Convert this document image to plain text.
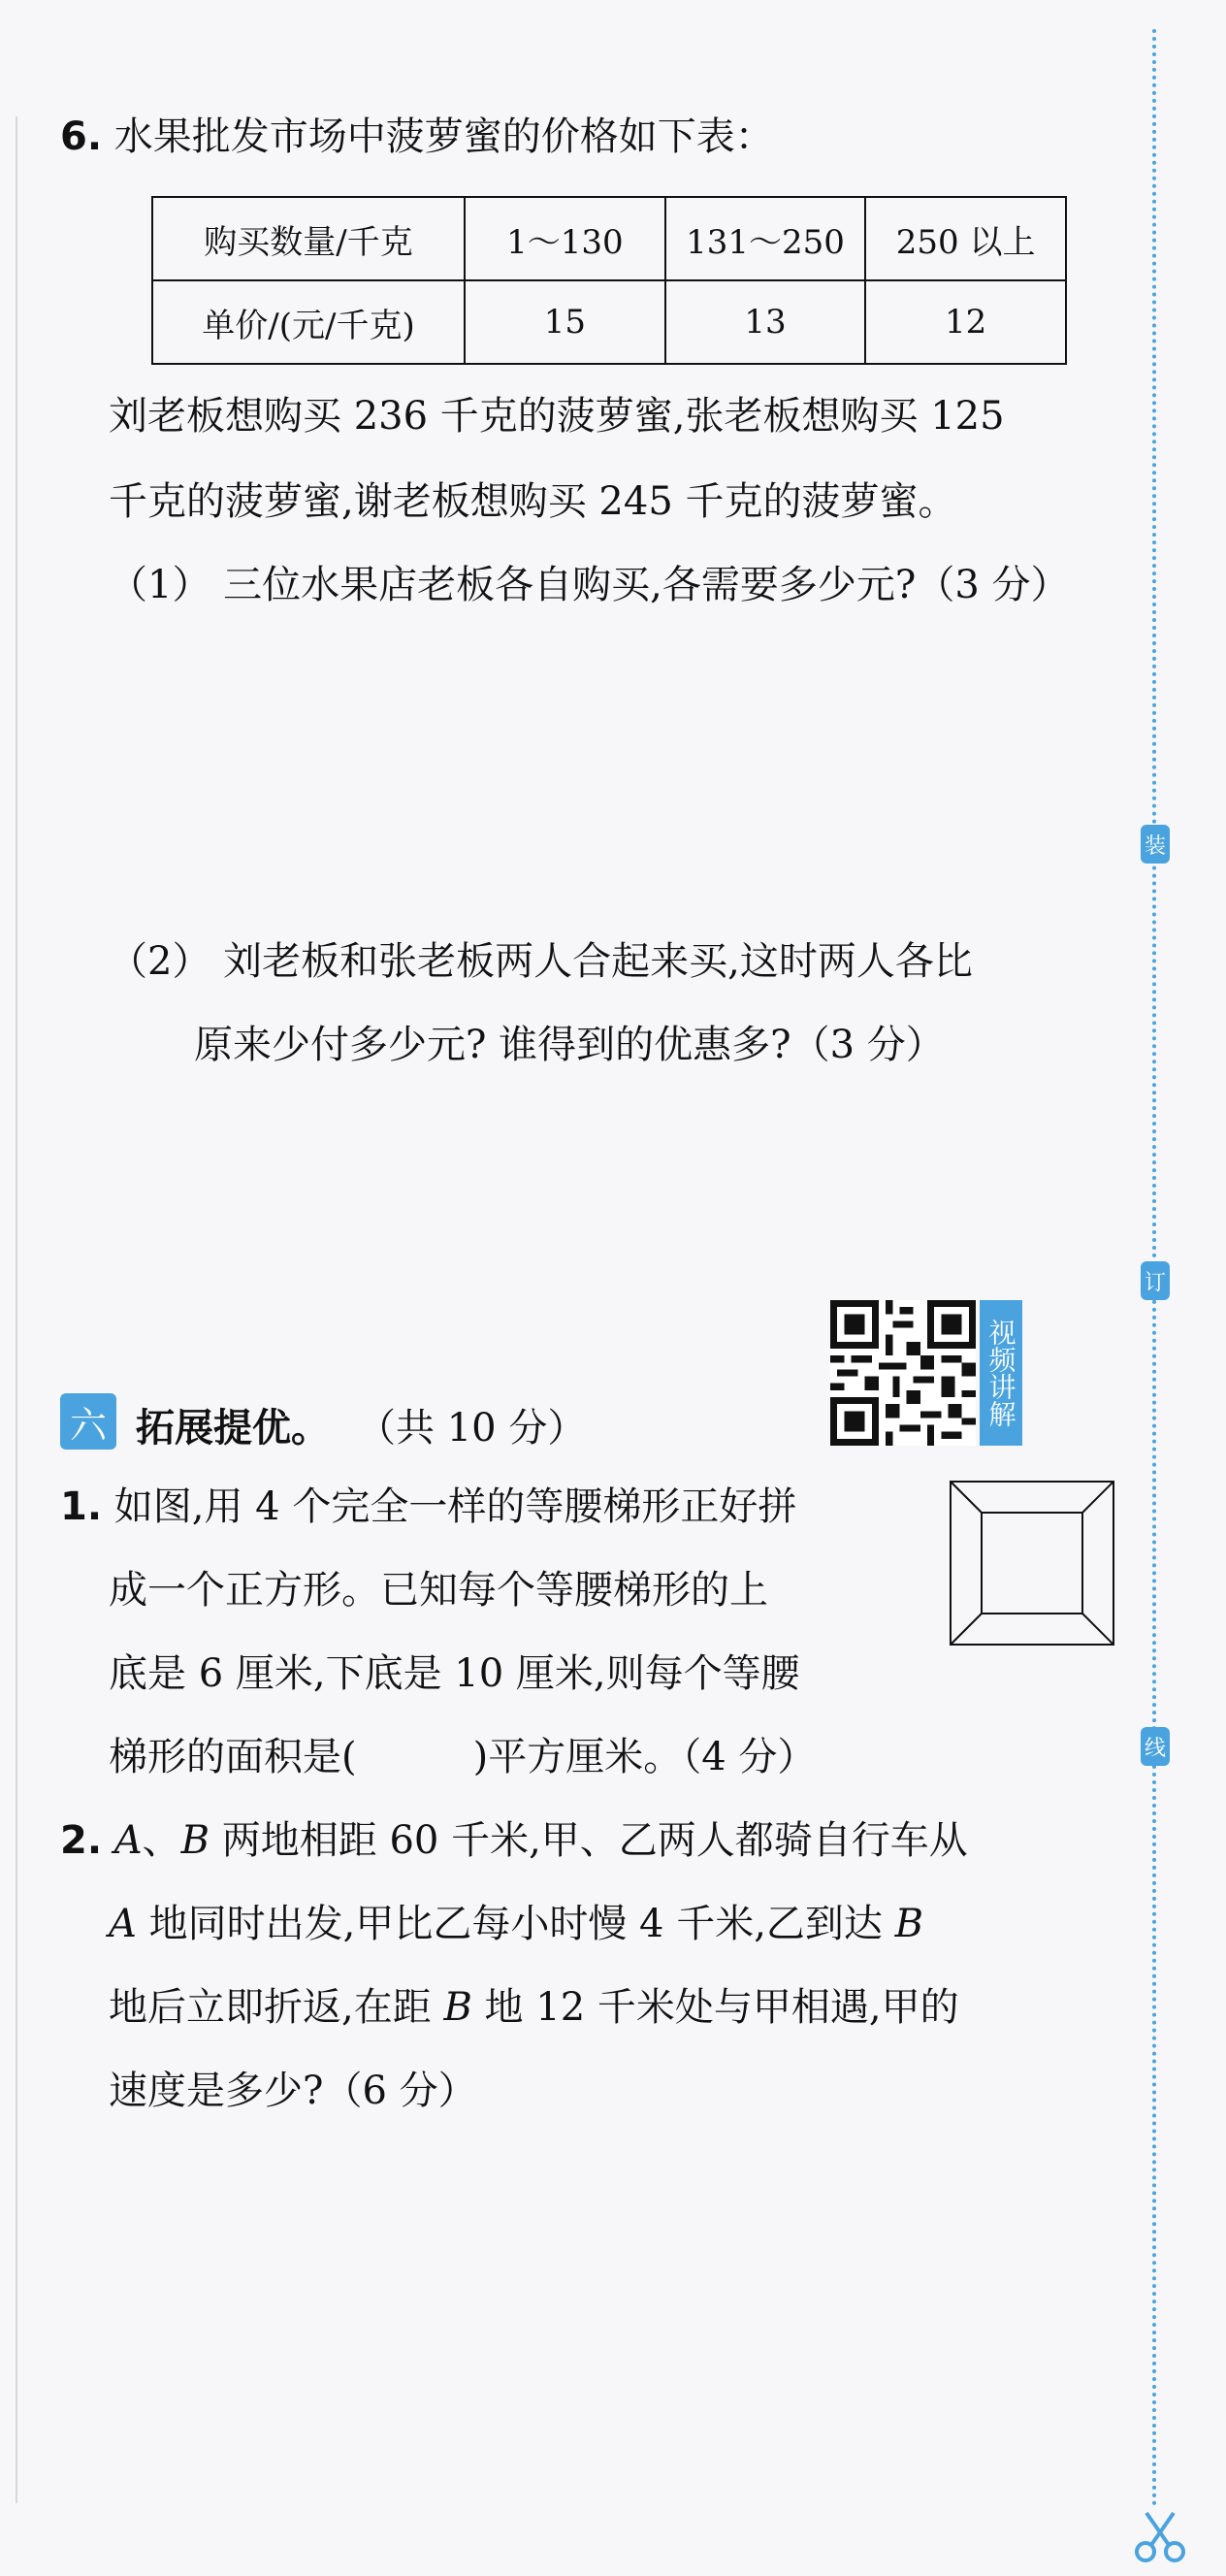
装
订
线
6. 水果批发市场中菠萝蜜的价格如下表：
购买数量/千克	1～130	131～250	250 以上
单价/(元/千克)	15	13	12
刘老板想购买 236 千克的菠萝蜜,张老板想购买 125
千克的菠萝蜜,谢老板想购买 245 千克的菠萝蜜。
（1） 三位水果店老板各自购买,各需要多少元?（3 分）
（2） 刘老板和张老板两人合起来买,这时两人各比
原来少付多少元? 谁得到的优惠多?（3 分）
视频讲解
六 拓展提优。 （共 10 分）
1. 如图,用 4 个完全一样的等腰梯形正好拼
成一个正方形。已知每个等腰梯形的上
底是 6 厘米,下底是 10 厘米,则每个等腰
梯形的面积是(	)平方厘米。（4 分）
2. A、B 两地相距 60 千米,甲、乙两人都骑自行车从
A 地同时出发,甲比乙每小时慢 4 千米,乙到达 B
地后立即折返,在距 B 地 12 千米处与甲相遇,甲的
速度是多少?（6 分）
